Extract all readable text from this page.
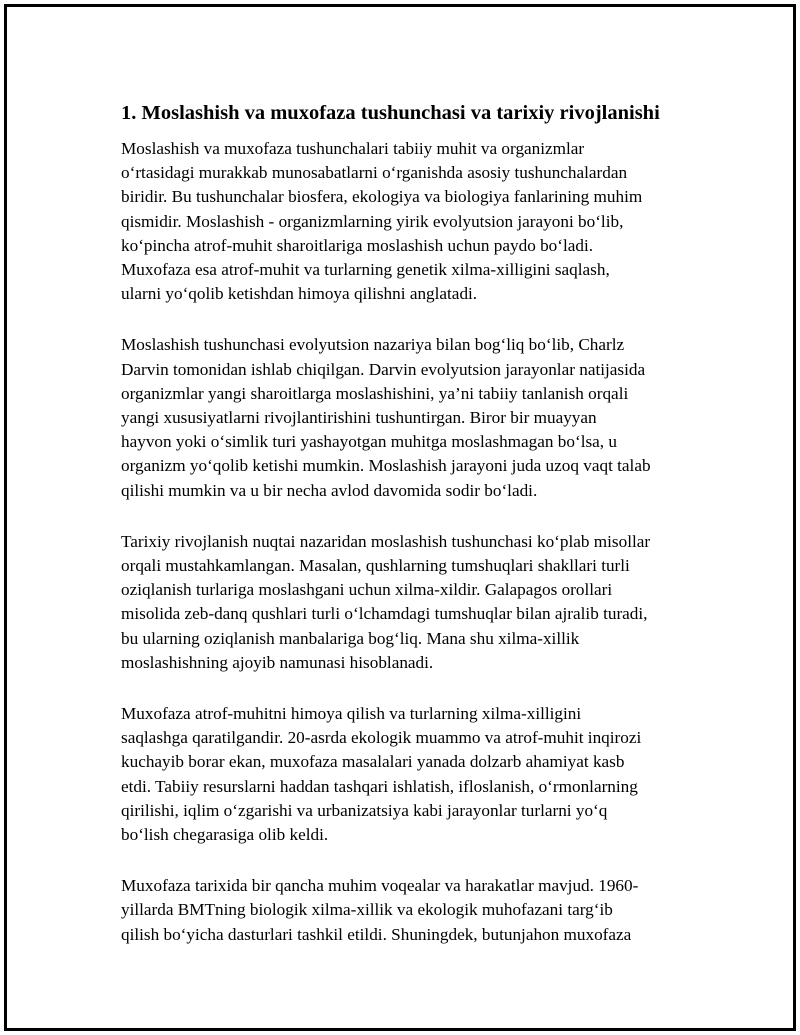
1. Moslashish va muxofaza tushunchasi va tarixiy rivojlanishi

Moslashish va muxofaza tushunchalari tabiiy muhit va organizmlar
o‘rtasidagi murakkab munosabatlarni o‘rganishda asosiy tushunchalardan
biridir. Bu tushunchalar biosfera, ekologiya va biologiya fanlarining muhim
qismidir. Moslashish - organizmlarning yirik evolyutsion jarayoni bo‘lib,
ko‘pincha atrof-muhit sharoitlariga moslashish uchun paydo bo‘ladi.
Muxofaza esa atrof-muhit va turlarning genetik xilma-xilligini saqlash,
ularni yo‘qolib ketishdan himoya qilishni anglatadi.

Moslashish tushunchasi evolyutsion nazariya bilan bog‘liq bo‘lib, Charlz
Darvin tomonidan ishlab chiqilgan. Darvin evolyutsion jarayonlar natijasida
organizmlar yangi sharoitlarga moslashishini, ya’ni tabiiy tanlanish orqali
yangi xususiyatlarni rivojlantirishini tushuntirgan. Biror bir muayyan
hayvon yoki o‘simlik turi yashayotgan muhitga moslashmagan bo‘lsa, u
organizm yo‘qolib ketishi mumkin. Moslashish jarayoni juda uzoq vaqt talab
qilishi mumkin va u bir necha avlod davomida sodir bo‘ladi.

Tarixiy rivojlanish nuqtai nazaridan moslashish tushunchasi ko‘plab misollar
orqali mustahkamlangan. Masalan, qushlarning tumshuqlari shakllari turli
oziqlanish turlariga moslashgani uchun xilma-xildir. Galapagos orollari
misolida zeb-danq qushlari turli o‘lchamdagi tumshuqlar bilan ajralib turadi,
bu ularning oziqlanish manbalariga bog‘liq. Mana shu xilma-xillik
moslashishning ajoyib namunasi hisoblanadi.

Muxofaza atrof-muhitni himoya qilish va turlarning xilma-xilligini
saqlashga qaratilgandir. 20-asrda ekologik muammo va atrof-muhit inqirozi
kuchayib borar ekan, muxofaza masalalari yanada dolzarb ahamiyat kasb
etdi. Tabiiy resurslarni haddan tashqari ishlatish, ifloslanish, o‘rmonlarning
qirilishi, iqlim o‘zgarishi va urbanizatsiya kabi jarayonlar turlarni yo‘q
bo‘lish chegarasiga olib keldi.

Muxofaza tarixida bir qancha muhim voqealar va harakatlar mavjud. 1960-
yillarda BMTning biologik xilma-xillik va ekologik muhofazani targ‘ib
qilish bo‘yicha dasturlari tashkil etildi. Shuningdek, butunjahon muxofaza
